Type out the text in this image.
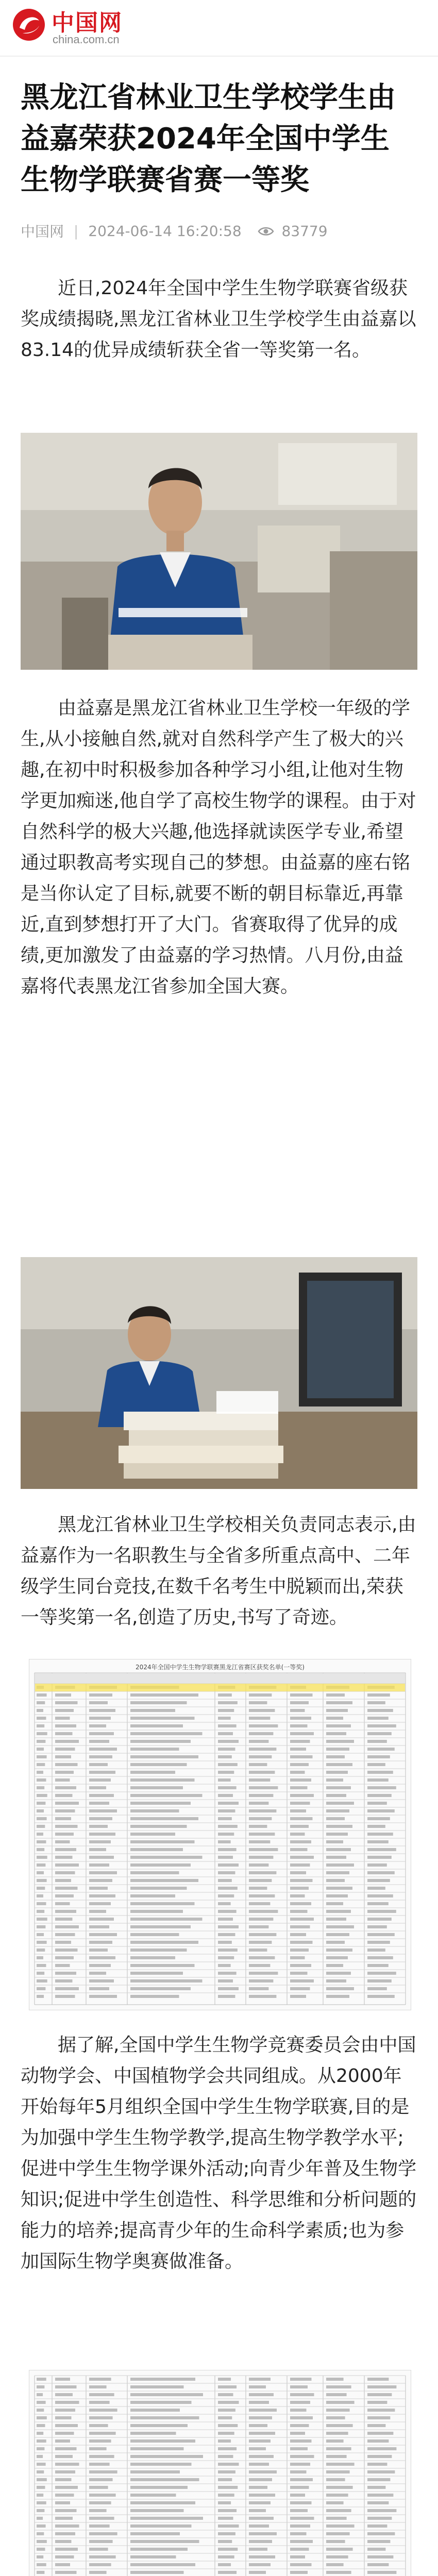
中国网
china.com.cn
黑龙江省林业卫生学校学生由益嘉荣获2024年全国中学生生物学联赛省赛一等奖
中国网 | 2024-06-14 16:20:58	83779

近日,2024年全国中学生生物学联赛省级获奖成绩揭晓,黑龙江省林业卫生学校学生由益嘉以83.14的优异成绩斩获全省一等奖第一名。

由益嘉是黑龙江省林业卫生学校一年级的学生,从小接触自然,就对自然科学产生了极大的兴趣,在初中时积极参加各种学习小组,让他对生物学更加痴迷,他自学了高校生物学的课程。由于对自然科学的极大兴趣,他选择就读医学专业,希望通过职教高考实现自己的梦想。由益嘉的座右铭是当你认定了目标,就要不断的朝目标靠近,再靠近,直到梦想打开了大门。省赛取得了优异的成绩,更加激发了由益嘉的学习热情。八月份,由益嘉将代表黑龙江省参加全国大赛。

黑龙江省林业卫生学校相关负责同志表示,由益嘉作为一名职教生与全省多所重点高中、二年级学生同台竞技,在数千名考生中脱颖而出,荣获一等奖第一名,创造了历史,书写了奇迹。

2024年全国中学生生物学联赛黑龙江省赛区获奖名单(一等奖)

据了解,全国中学生生物学竞赛委员会由中国动物学会、中国植物学会共同组成。从2000年开始每年5月组织全国中学生生物学联赛,目的是为加强中学生生物学教学,提高生物学教学水平;促进中学生生物学课外活动;向青少年普及生物学知识;促进中学生创造性、科学思维和分析问题的能力的培养;提高青少年的生命科学素质;也为参加国际生物学奥赛做准备。
